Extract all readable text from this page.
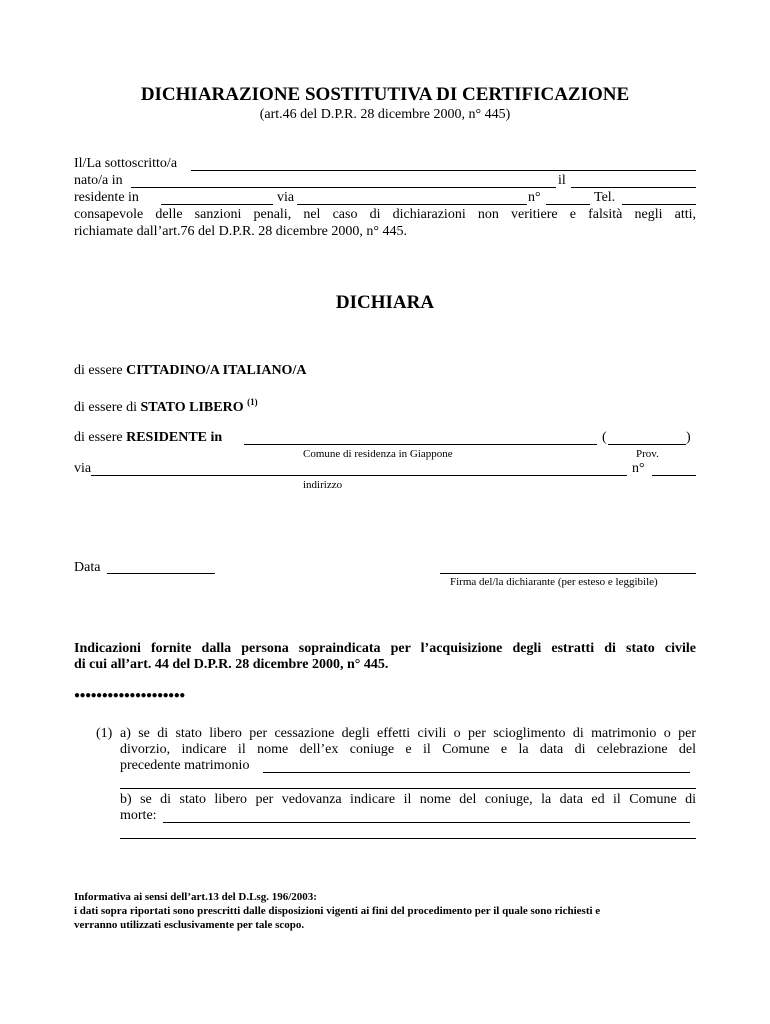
DICHIARAZIONE SOSTITUTIVA DI CERTIFICAZIONE
(art.46 del D.P.R. 28 dicembre 2000, n° 445)
Il/La sottoscritto/a
nato/a in	il
residente in	via	n°	Tel.
consapevole delle sanzioni penali, nel caso di dichiarazioni non veritiere e falsità negli atti,
richiamate dall’art.76 del D.P.R. 28 dicembre 2000, n° 445.
DICHIARA
di essere CITTADINO/A ITALIANO/A
di essere di STATO LIBERO $^{(1)}$
di essere RESIDENTE in	(	)
Comune di residenza in Giappone	Prov.
via	n°
indirizzo
Data
Firma del/la dichiarante (per esteso e leggibile)
Indicazioni fornite dalla persona sopraindicata per l’acquisizione degli estratti di stato civile
di cui all’art. 44 del D.P.R. 28 dicembre 2000, n° 445.
●●●●●●●●●●●●●●●●●●●●
(1) a) se di stato libero per cessazione degli effetti civili o per scioglimento di matrimonio o per
divorzio, indicare il nome dell’ex coniuge e il Comune e la data di celebrazione del
precedente matrimonio
b) se di stato libero per vedovanza indicare il nome del coniuge, la data ed il Comune di
morte:
Informativa ai sensi dell’art.13 del D.Lsg. 196/2003:
i dati sopra riportati sono prescritti dalle disposizioni vigenti ai fini del procedimento per il quale sono richiesti e
verranno utilizzati esclusivamente per tale scopo.
